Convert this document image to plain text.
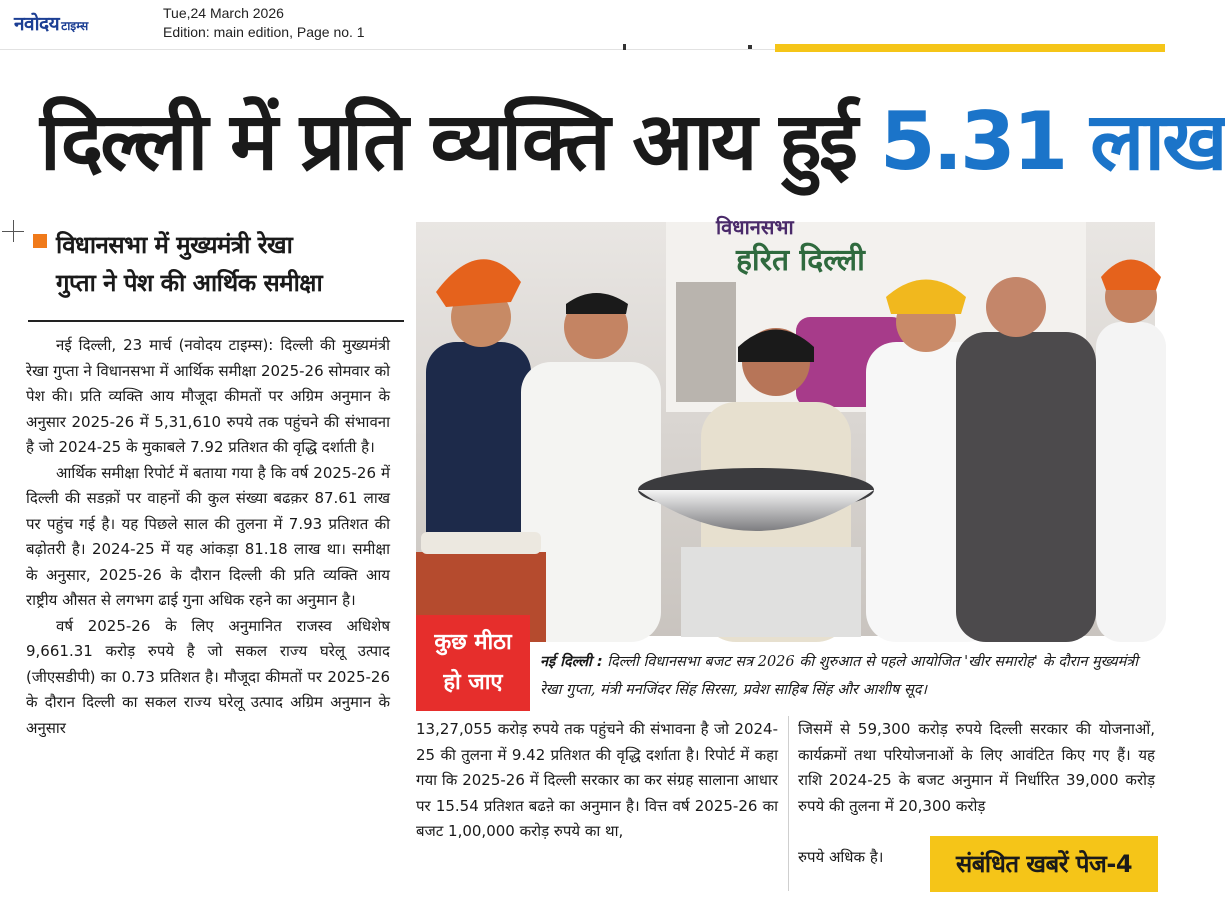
नवोदय टाइम्स
Tue,24 March 2026
Edition: main edition, Page no. 1
दिल्ली में प्रति व्यक्ति आय हुई 5.31 लाख
विधानसभा में मुख्यमंत्री रेखा
गुप्ता ने पेश की आर्थिक समीक्षा

नई दिल्ली, 23 मार्च (नवोदय टाइम्स): दिल्ली की मुख्यमंत्री रेखा गुप्ता ने विधानसभा में आर्थिक समीक्षा 2025-26 सोमवार को पेश की। प्रति व्यक्ति आय मौजूदा कीमतों पर अग्रिम अनुमान के अनुसार 2025-26 में 5,31,610 रुपये तक पहुंचने की संभावना है जो 2024-25 के मुकाबले 7.92 प्रतिशत की वृद्धि दर्शाती है।

आर्थिक समीक्षा रिपोर्ट में बताया गया है कि वर्ष 2025-26 में दिल्ली की सडक़ों पर वाहनों की कुल संख्या बढक़र 87.61 लाख पर पहुंच गई है। यह पिछले साल की तुलना में 7.93 प्रतिशत की बढ़ोतरी है। 2024-25 में यह आंकड़ा 81.18 लाख था। समीक्षा के अनुसार, 2025-26 के दौरान दिल्ली की प्रति व्यक्ति आय राष्ट्रीय औसत से लगभग ढाई गुना अधिक रहने का अनुमान है।

वर्ष 2025-26 के लिए अनुमानित राजस्व अधिशेष 9,661.31 करोड़ रुपये है जो सकल राज्य घरेलू उत्पाद (जीएसडीपी) का 0.73 प्रतिशत है। मौजूदा कीमतों पर 2025-26 के दौरान दिल्ली का सकल राज्य घरेलू उत्पाद अग्रिम अनुमान के अनुसार

हरित दिल्ली
विधानसभा
कुछ मीठा
हो जाए
नई दिल्ली : दिल्ली विधानसभा बजट सत्र 2026 की शुरुआत से पहले आयोजित 'खीर समारोह' के दौरान मुख्यमंत्री रेखा गुप्ता, मंत्री मनजिंदर सिंह सिरसा, प्रवेश साहिब सिंह और आशीष सूद।
13,27,055 करोड़ रुपये तक पहुंचने की संभावना है जो 2024-25 की तुलना में 9.42 प्रतिशत की वृद्धि दर्शाता है। रिपोर्ट में कहा गया कि 2025-26 में दिल्ली सरकार का कर संग्रह सालाना आधार पर 15.54 प्रतिशत बढऩे का अनुमान है। वित्त वर्ष 2025-26 का बजट 1,00,000 करोड़ रुपये का था,
जिसमें से 59,300 करोड़ रुपये दिल्ली सरकार की योजनाओं, कार्यक्रमों तथा परियोजनाओं के लिए आवंटित किए गए हैं। यह राशि 2024-25 के बजट अनुमान में निर्धारित 39,000 करोड़ रुपये की तुलना में 20,300 करोड़
रुपये अधिक है।	संबंधित खबरें पेज-4
